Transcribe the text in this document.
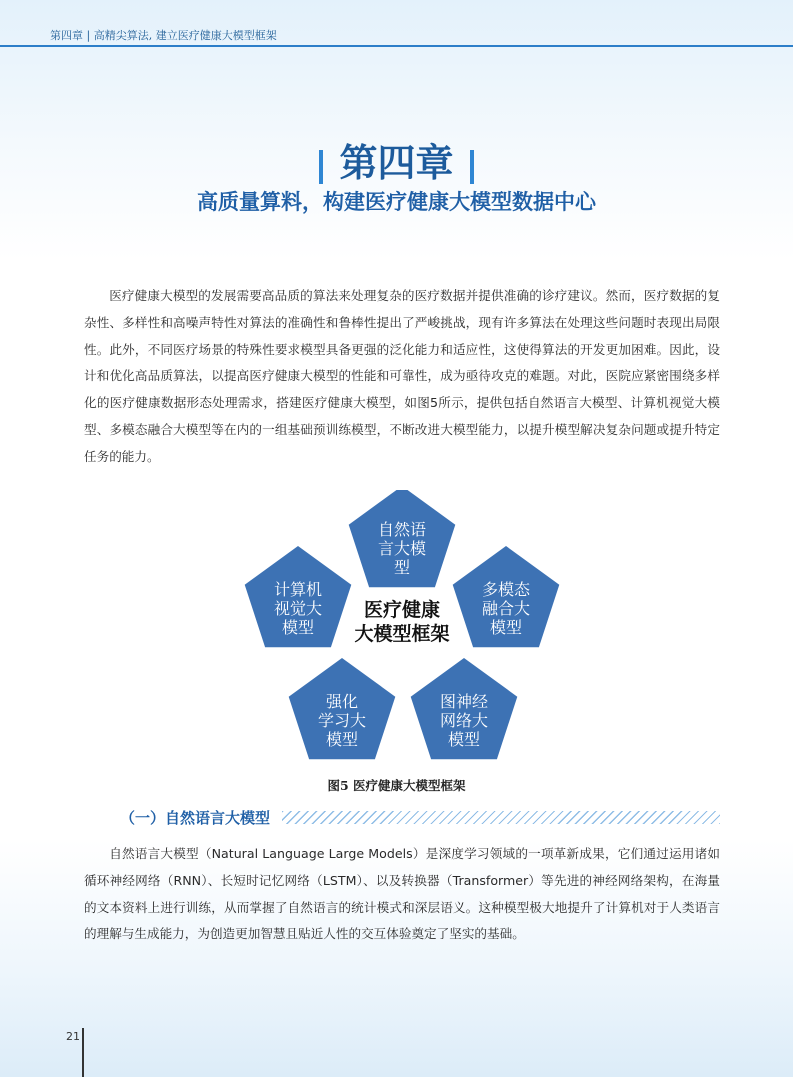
第四章 | 高精尖算法, 建立医疗健康大模型框架
第四章
高质量算料，构建医疗健康大模型数据中心

医疗健康大模型的发展需要高品质的算法来处理复杂的医疗数据并提供准确的诊疗建议。然而，医疗数据的复杂性、多样性和高噪声特性对算法的准确性和鲁棒性提出了严峻挑战，现有许多算法在处理这些问题时表现出局限性。此外，不同医疗场景的特殊性要求模型具备更强的泛化能力和适应性，这使得算法的开发更加困难。因此，设计和优化高品质算法，以提高医疗健康大模型的性能和可靠性，成为亟待攻克的难题。对此，医院应紧密围绕多样化的医疗健康数据形态处理需求，搭建医疗健康大模型，如图5所示，提供包括自然语言大模型、计算机视觉大模型、多模态融合大模型等在内的一组基础预训练模型，不断改进大模型能力，以提升模型解决复杂问题或提升特定任务的能力。

自然语
言大模
型
多模态
融合大
模型
图神经
网络大
模型
强化
学习大
模型
计算机
视觉大
模型
医疗健康
大模型框架
图5 医疗健康大模型框架
（一）自然语言大模型

自然语言大模型（Natural Language Large Models）是深度学习领域的一项革新成果，它们通过运用诸如循环神经网络（RNN）、长短时记忆网络（LSTM）、以及转换器（Transformer）等先进的神经网络架构，在海量的文本资料上进行训练，从而掌握了自然语言的统计模式和深层语义。这种模型极大地提升了计算机对于人类语言的理解与生成能力，为创造更加智慧且贴近人性的交互体验奠定了坚实的基础。

21
